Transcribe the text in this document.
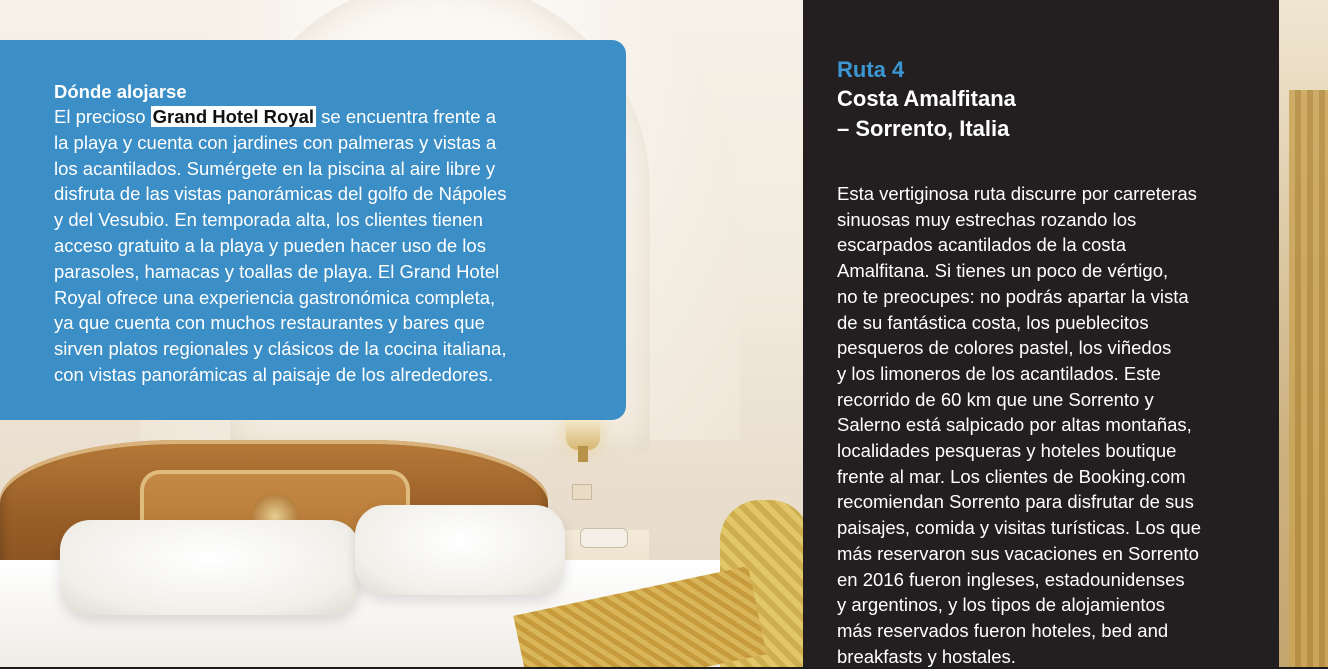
Dónde alojarse

El precioso Grand Hotel Royal se encuentra frente a
la playa y cuenta con jardines con palmeras y vistas a
los acantilados. Sumérgete en la piscina al aire libre y
disfruta de las vistas panorámicas del golfo de Nápoles
y del Vesubio. En temporada alta, los clientes tienen
acceso gratuito a la playa y pueden hacer uso de los
parasoles, hamacas y toallas de playa. El Grand Hotel
Royal ofrece una experiencia gastronómica completa,
ya que cuenta con muchos restaurantes y bares que
sirven platos regionales y clásicos de la cocina italiana,
con vistas panorámicas al paisaje de los alrededores.

Ruta 4
Costa Amalfitana
– Sorrento, Italia
Esta vertiginosa ruta discurre por carreteras
sinuosas muy estrechas rozando los
escarpados acantilados de la costa
Amalfitana. Si tienes un poco de vértigo,
no te preocupes: no podrás apartar la vista
de su fantástica costa, los pueblecitos
pesqueros de colores pastel, los viñedos
y los limoneros de los acantilados. Este
recorrido de 60 km que une Sorrento y
Salerno está salpicado por altas montañas,
localidades pesqueras y hoteles boutique
frente al mar. Los clientes de Booking.com
recomiendan Sorrento para disfrutar de sus
paisajes, comida y visitas turísticas. Los que
más reservaron sus vacaciones en Sorrento
en 2016 fueron ingleses, estadounidenses
y argentinos, y los tipos de alojamientos
más reservados fueron hoteles, bed and
breakfasts y hostales.
